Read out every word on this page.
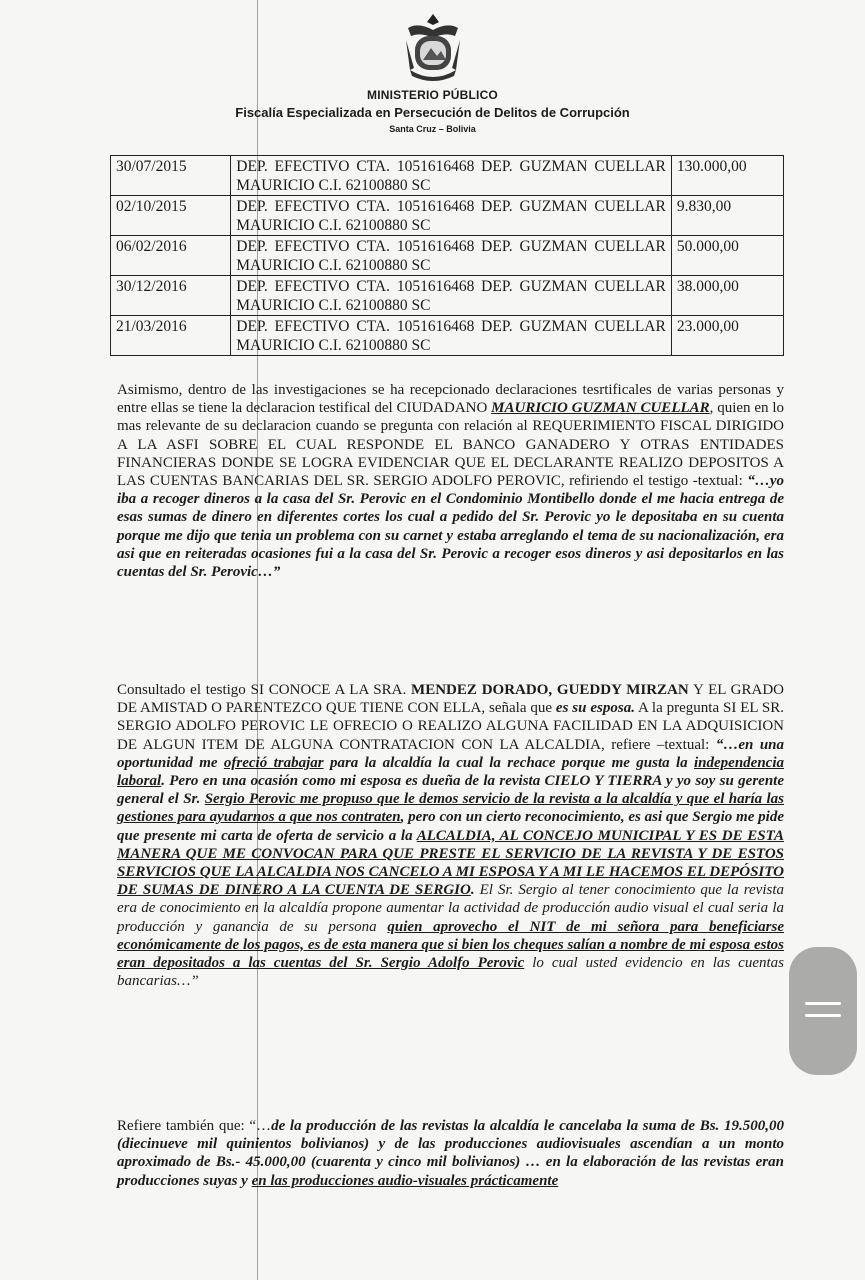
MINISTERIO PÚBLICO
Fiscalía Especializada en Persecución de Delitos de Corrupción
Santa Cruz – Bolivia
30/07/2015	DEP. EFECTIVO CTA. 1051616468 DEP. GUZMAN CUELLAR MAURICIO C.I. 62100880 SC	130.000,00
02/10/2015	DEP. EFECTIVO CTA. 1051616468 DEP. GUZMAN CUELLAR MAURICIO C.I. 62100880 SC	9.830,00
06/02/2016	DEP. EFECTIVO CTA. 1051616468 DEP. GUZMAN CUELLAR MAURICIO C.I. 62100880 SC	50.000,00
30/12/2016	DEP. EFECTIVO CTA. 1051616468 DEP. GUZMAN CUELLAR MAURICIO C.I. 62100880 SC	38.000,00
21/03/2016	DEP. EFECTIVO CTA. 1051616468 DEP. GUZMAN CUELLAR MAURICIO C.I. 62100880 SC	23.000,00
Asimismo, dentro de las investigaciones se ha recepcionado declaraciones tesrtificales de varias personas y entre ellas se tiene la declaracion testifical del CIUDADANO MAURICIO GUZMAN CUELLAR, quien en lo mas relevante de su declaracion cuando se pregunta con relación al REQUERIMIENTO FISCAL DIRIGIDO A LA ASFI SOBRE EL CUAL RESPONDE EL BANCO GANADERO Y OTRAS ENTIDADES FINANCIERAS DONDE SE LOGRA EVIDENCIAR QUE EL DECLARANTE REALIZO DEPOSITOS A LAS CUENTAS BANCARIAS DEL SR. SERGIO ADOLFO PEROVIC, refiriendo el testigo -textual: “…yo iba a recoger dineros a la casa del Sr. Perovic en el Condominio Montibello donde el me hacia entrega de esas sumas de dinero en diferentes cortes los cual a pedido del Sr. Perovic yo le depositaba en su cuenta porque me dijo que tenia un problema con su carnet y estaba arreglando el tema de su nacionalización, era asi que en reiteradas ocasiones fui a la casa del Sr. Perovic a recoger esos dineros y asi depositarlos en las cuentas del Sr. Perovic…”
Consultado el testigo SI CONOCE A LA SRA. MENDEZ DORADO, GUEDDY MIRZAN Y EL GRADO DE AMISTAD O PARENTEZCO QUE TIENE CON ELLA, señala que es su esposa. A la pregunta SI EL SR. SERGIO ADOLFO PEROVIC LE OFRECIO O REALIZO ALGUNA FACILIDAD EN LA ADQUISICION DE ALGUN ITEM DE ALGUNA CONTRATACION CON LA ALCALDIA, refiere –textual: “…en una oportunidad me ofreció trabajar para la alcaldía la cual la rechace porque me gusta la independencia laboral. Pero en una ocasión como mi esposa es dueña de la revista CIELO Y TIERRA y yo soy su gerente general el Sr. Sergio Perovic me propuso que le demos servicio de la revista a la alcaldía y que el haría las gestiones para ayudarnos a que nos contraten, pero con un cierto reconocimiento, es asi que Sergio me pide que presente mi carta de oferta de servicio a la ALCALDIA, AL CONCEJO MUNICIPAL Y ES DE ESTA MANERA QUE ME CONVOCAN PARA QUE PRESTE EL SERVICIO DE LA REVISTA Y DE ESTOS SERVICIOS QUE LA ALCALDIA NOS CANCELO A MI ESPOSA Y A MI LE HACEMOS EL DEPÓSITO DE SUMAS DE DINERO A LA CUENTA DE SERGIO. El Sr. Sergio al tener conocimiento que la revista era de conocimiento en la alcaldía propone aumentar la actividad de producción audio visual el cual seria la producción y ganancia de su persona quien aprovecho el NIT de mi señora para beneficiarse económicamente de los pagos, es de esta manera que si bien los cheques salían a nombre de mi esposa estos eran depositados a las cuentas del Sr. Sergio Adolfo Perovic lo cual usted evidencio en las cuentas bancarias…”
Refiere también que: “…de la producción de las revistas la alcaldía le cancelaba la suma de Bs. 19.500,00 (diecinueve mil quinientos bolivianos) y de las producciones audiovisuales ascendían a un monto aproximado de Bs.- 45.000,00 (cuarenta y cinco mil bolivianos) … en la elaboración de las revistas eran producciones suyas y en las producciones audio-visuales prácticamente
